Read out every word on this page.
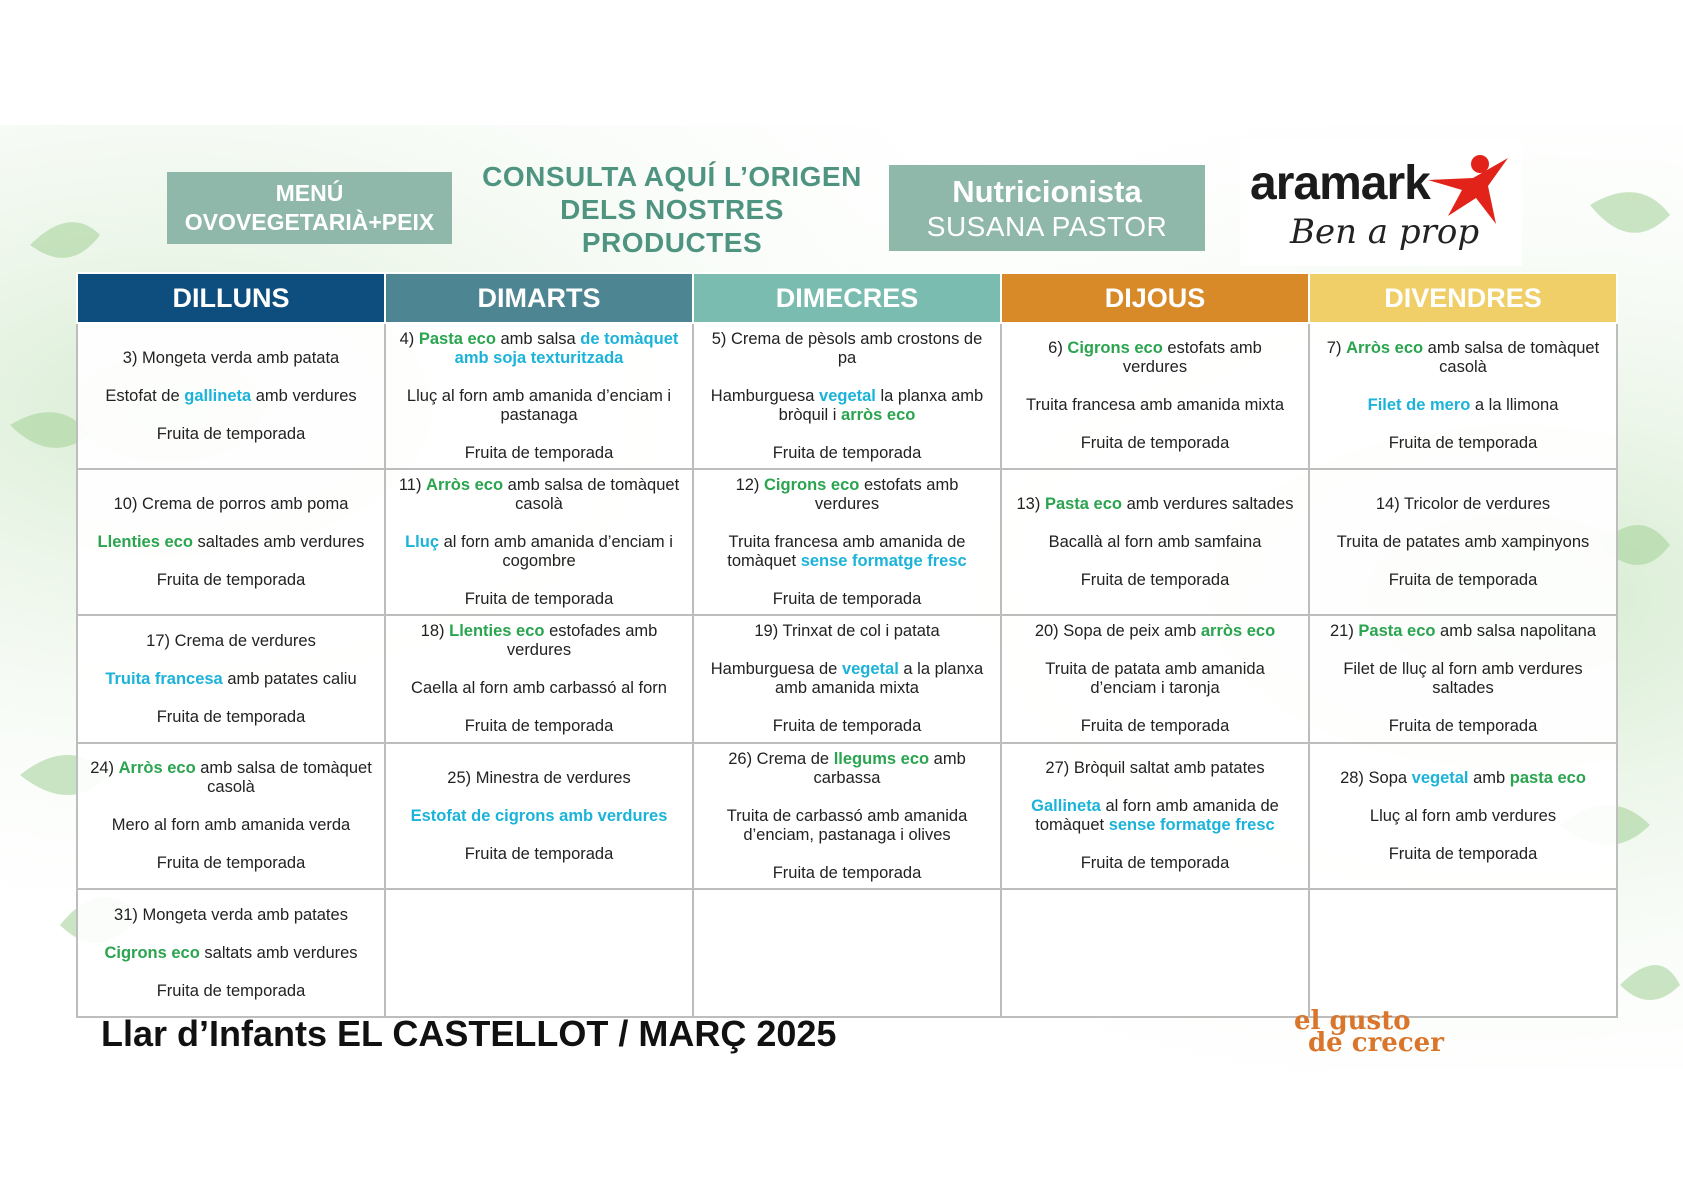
MENÚ
OVOVEGETARIÀ+PEIX
CONSULTA AQUÍ L’ORIGEN
DELS NOSTRES PRODUCTES
Nutricionista
SUSANA PASTOR
aramark
Ben a prop
DILLUNS	DIMARTS	DIMECRES	DIJOUS	DIVENDRES

3) Mongeta verda amb patata
Estofat de gallineta amb verdures
Fruita de temporada	4) Pasta eco amb salsa de tomàquet amb soja texturitzada
Lluç al forn amb amanida d’enciam i pastanaga
Fruita de temporada	5) Crema de pèsols amb crostons de pa
Hamburguesa vegetal la planxa amb bròquil i arròs eco
Fruita de temporada	6) Cigrons eco estofats amb verdures
Truita francesa amb amanida mixta
Fruita de temporada	7) Arròs eco amb salsa de tomàquet casolà
Filet de mero a la llimona
Fruita de temporada

10) Crema de porros amb poma
Llenties eco saltades amb verdures
Fruita de temporada	11) Arròs eco amb salsa de tomàquet casolà
Lluç al forn amb amanida d’enciam i cogombre
Fruita de temporada	12) Cigrons eco estofats amb verdures
Truita francesa amb amanida de tomàquet sense formatge fresc
Fruita de temporada	13) Pasta eco amb verdures saltades
Bacallà al forn amb samfaina
Fruita de temporada	14) Tricolor de verdures
Truita de patates amb xampinyons
Fruita de temporada

17) Crema de verdures
Truita francesa amb patates caliu
Fruita de temporada	18) Llenties eco estofades amb verdures
Caella al forn amb carbassó al forn
Fruita de temporada	19) Trinxat de col i patata
Hamburguesa de vegetal a la planxa amb amanida mixta
Fruita de temporada	20) Sopa de peix amb arròs eco
Truita de patata amb amanida d’enciam i taronja
Fruita de temporada	21) Pasta eco amb salsa napolitana
Filet de lluç al forn amb verdures saltades
Fruita de temporada

24) Arròs eco amb salsa de tomàquet casolà
Mero al forn amb amanida verda
Fruita de temporada	25) Minestra de verdures
Estofat de cigrons amb verdures
Fruita de temporada	26) Crema de llegums eco amb carbassa
Truita de carbassó amb amanida d’enciam, pastanaga i olives
Fruita de temporada	27) Bròquil saltat amb patates
Gallineta al forn amb amanida de tomàquet sense formatge fresc
Fruita de temporada	28) Sopa vegetal amb pasta eco
Lluç al forn amb verdures
Fruita de temporada

31) Mongeta verda amb patates
Cigrons eco saltats amb verdures
Fruita de temporada				

Llar d’Infants EL CASTELLOT / MARÇ 2025	el gusto
de crecer
